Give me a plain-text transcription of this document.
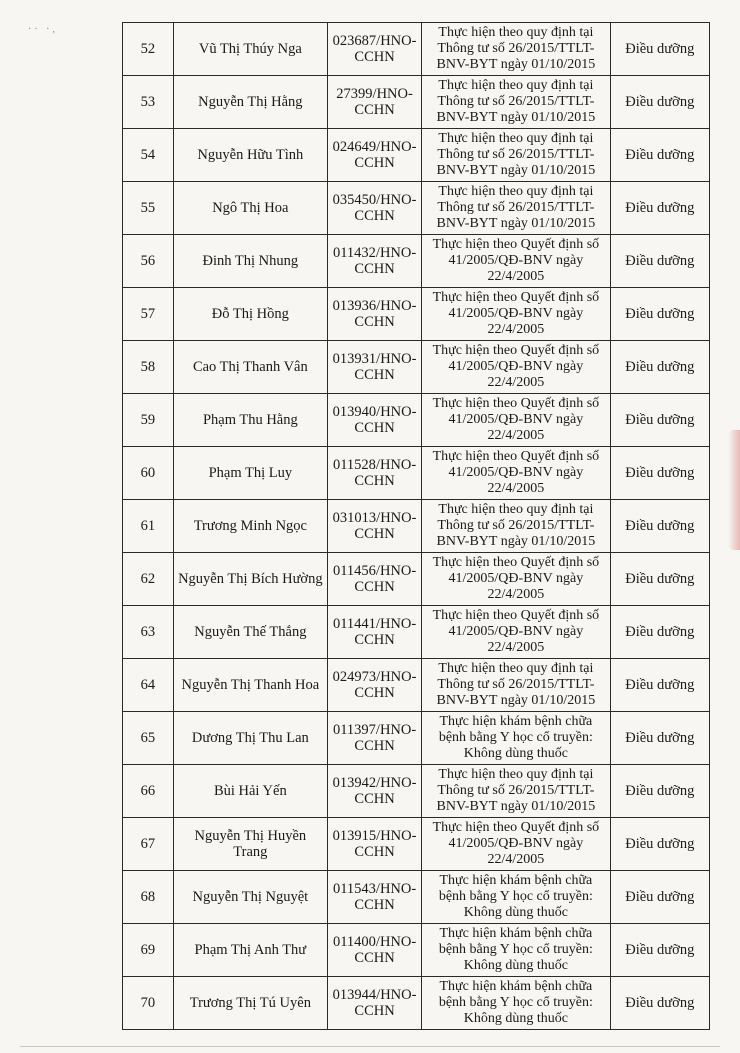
·· ·,
52	Vũ Thị Thúy Nga	023687/HNO-CCHN	Thực hiện theo quy định tại Thông tư số 26/2015/TTLT-BNV-BYT ngày 01/10/2015	Điều dưỡng
53	Nguyễn Thị Hằng	27399/HNO-CCHN	Thực hiện theo quy định tại Thông tư số 26/2015/TTLT-BNV-BYT ngày 01/10/2015	Điều dưỡng
54	Nguyễn Hữu Tình	024649/HNO-CCHN	Thực hiện theo quy định tại Thông tư số 26/2015/TTLT-BNV-BYT ngày 01/10/2015	Điều dưỡng
55	Ngô Thị Hoa	035450/HNO-CCHN	Thực hiện theo quy định tại Thông tư số 26/2015/TTLT-BNV-BYT ngày 01/10/2015	Điều dưỡng
56	Đinh Thị Nhung	011432/HNO-CCHN	Thực hiện theo Quyết định số 41/2005/QĐ-BNV ngày 22/4/2005	Điều dưỡng
57	Đỗ Thị Hồng	013936/HNO-CCHN	Thực hiện theo Quyết định số 41/2005/QĐ-BNV ngày 22/4/2005	Điều dưỡng
58	Cao Thị Thanh Vân	013931/HNO-CCHN	Thực hiện theo Quyết định số 41/2005/QĐ-BNV ngày 22/4/2005	Điều dưỡng
59	Phạm Thu Hằng	013940/HNO-CCHN	Thực hiện theo Quyết định số 41/2005/QĐ-BNV ngày 22/4/2005	Điều dưỡng
60	Phạm Thị Luy	011528/HNO-CCHN	Thực hiện theo Quyết định số 41/2005/QĐ-BNV ngày 22/4/2005	Điều dưỡng
61	Trương Minh Ngọc	031013/HNO-CCHN	Thực hiện theo quy định tại Thông tư số 26/2015/TTLT-BNV-BYT ngày 01/10/2015	Điều dưỡng
62	Nguyễn Thị Bích Hường	011456/HNO-CCHN	Thực hiện theo Quyết định số 41/2005/QĐ-BNV ngày 22/4/2005	Điều dưỡng
63	Nguyễn Thế Thắng	011441/HNO-CCHN	Thực hiện theo Quyết định số 41/2005/QĐ-BNV ngày 22/4/2005	Điều dưỡng
64	Nguyễn Thị Thanh Hoa	024973/HNO-CCHN	Thực hiện theo quy định tại Thông tư số 26/2015/TTLT-BNV-BYT ngày 01/10/2015	Điều dưỡng
65	Dương Thị Thu Lan	011397/HNO-CCHN	Thực hiện khám bệnh chữa bệnh bằng Y học cổ truyền: Không dùng thuốc	Điều dưỡng
66	Bùi Hải Yến	013942/HNO-CCHN	Thực hiện theo quy định tại Thông tư số 26/2015/TTLT-BNV-BYT ngày 01/10/2015	Điều dưỡng
67	Nguyễn Thị Huyền Trang	013915/HNO-CCHN	Thực hiện theo Quyết định số 41/2005/QĐ-BNV ngày 22/4/2005	Điều dưỡng
68	Nguyễn Thị Nguyệt	011543/HNO-CCHN	Thực hiện khám bệnh chữa bệnh bằng Y học cổ truyền: Không dùng thuốc	Điều dưỡng
69	Phạm Thị Anh Thư	011400/HNO-CCHN	Thực hiện khám bệnh chữa bệnh bằng Y học cổ truyền: Không dùng thuốc	Điều dưỡng
70	Trương Thị Tú Uyên	013944/HNO-CCHN	Thực hiện khám bệnh chữa bệnh bằng Y học cổ truyền: Không dùng thuốc	Điều dưỡng
